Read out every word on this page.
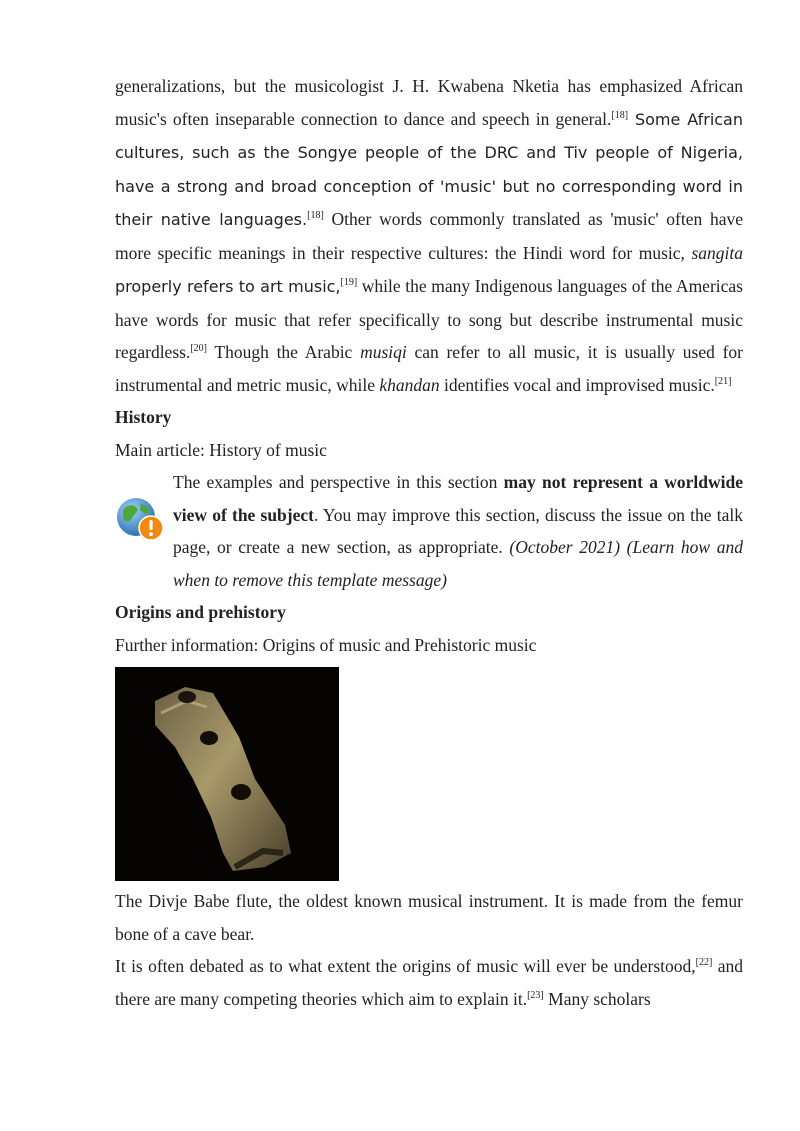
generalizations, but the musicologist J. H. Kwabena Nketia has emphasized African music's often inseparable connection to dance and speech in general.[18] Some African cultures, such as the Songye people of the DRC and Tiv people of Nigeria, have a strong and broad conception of 'music' but no corresponding word in their native languages.[18] Other words commonly translated as 'music' often have more specific meanings in their respective cultures: the Hindi word for music, sangita properly refers to art music,[19] while the many Indigenous languages of the Americas have words for music that refer specifically to song but describe instrumental music regardless.[20] Though the Arabic musiqi can refer to all music, it is usually used for instrumental and metric music, while khandan identifies vocal and improvised music.[21]

History

Main article: History of music

The examples and perspective in this section may not represent a worldwide view of the subject. You may improve this section, discuss the issue on the talk page, or create a new section, as appropriate. (October 2021) (Learn how and when to remove this template message)

Origins and prehistory

Further information: Origins of music and Prehistoric music

The Divje Babe flute, the oldest known musical instrument. It is made from the femur bone of a cave bear.

It is often debated as to what extent the origins of music will ever be understood,[22] and there are many competing theories which aim to explain it.[23] Many scholars
